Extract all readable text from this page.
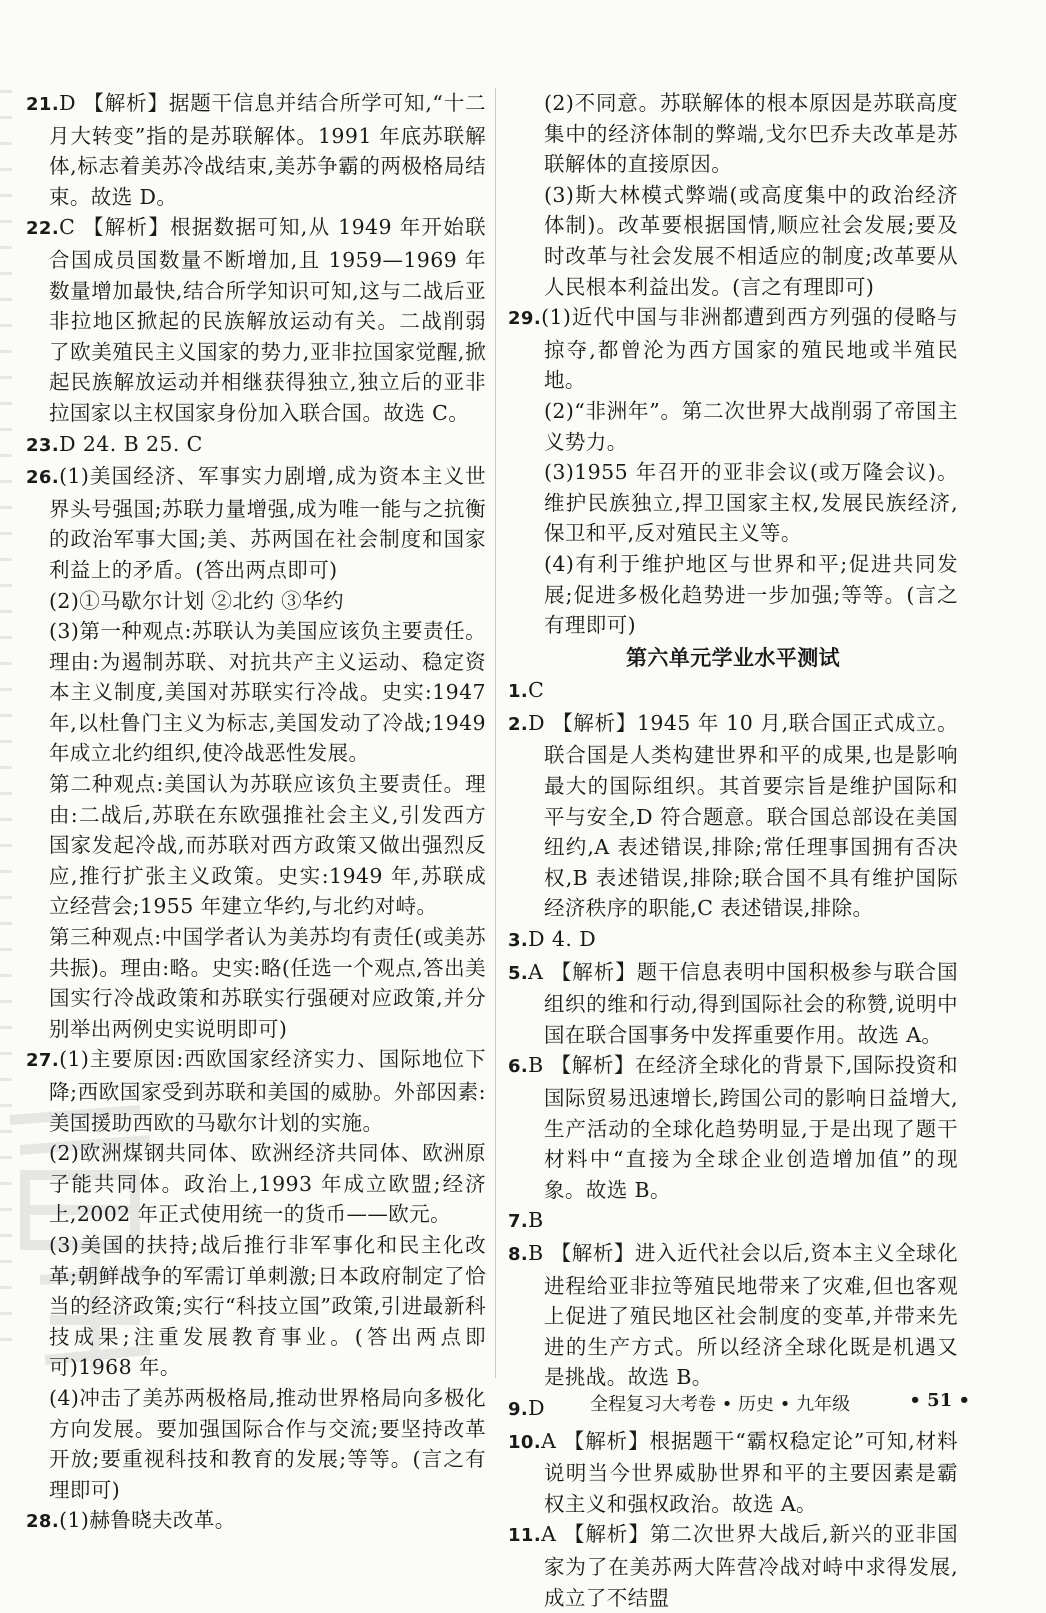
21.D 【解析】据题干信息并结合所学可知,“十二月大转变”指的是苏联解体。1991 年底苏联解体,标志着美苏冷战结束,美苏争霸的两极格局结束。故选 D。

22.C 【解析】根据数据可知,从 1949 年开始联合国成员国数量不断增加,且 1959—1969 年数量增加最快,结合所学知识可知,这与二战后亚非拉地区掀起的民族解放运动有关。二战削弱了欧美殖民主义国家的势力,亚非拉国家觉醒,掀起民族解放运动并相继获得独立,独立后的亚非拉国家以主权国家身份加入联合国。故选 C。

23.D 24. B 25. C

26.(1)美国经济、军事实力剧增,成为资本主义世界头号强国;苏联力量增强,成为唯一能与之抗衡的政治军事大国;美、苏两国在社会制度和国家利益上的矛盾。(答出两点即可)

(2)①马歇尔计划 ②北约 ③华约

(3)第一种观点:苏联认为美国应该负主要责任。理由:为遏制苏联、对抗共产主义运动、稳定资本主义制度,美国对苏联实行冷战。史实:1947 年,以杜鲁门主义为标志,美国发动了冷战;1949 年成立北约组织,使冷战恶性发展。

第二种观点:美国认为苏联应该负主要责任。理由:二战后,苏联在东欧强推社会主义,引发西方国家发起冷战,而苏联对西方政策又做出强烈反应,推行扩张主义政策。史实:1949 年,苏联成立经营会;1955 年建立华约,与北约对峙。

第三种观点:中国学者认为美苏均有责任(或美苏共振)。理由:略。史实:略(任选一个观点,答出美国实行冷战政策和苏联实行强硬对应政策,并分别举出两例史实说明即可)

27.(1)主要原因:西欧国家经济实力、国际地位下降;西欧国家受到苏联和美国的威胁。外部因素:美国援助西欧的马歇尔计划的实施。

(2)欧洲煤钢共同体、欧洲经济共同体、欧洲原子能共同体。政治上,1993 年成立欧盟;经济上,2002 年正式使用统一的货币——欧元。

(3)美国的扶持;战后推行非军事化和民主化改革;朝鲜战争的军需订单刺激;日本政府制定了恰当的经济政策;实行“科技立国”政策,引进最新科技成果;注重发展教育事业。(答出两点即可)1968 年。

(4)冲击了美苏两极格局,推动世界格局向多极化方向发展。要加强国际合作与交流;要坚持改革开放;要重视科技和教育的发展;等等。(言之有理即可)

28.(1)赫鲁晓夫改革。

(2)不同意。苏联解体的根本原因是苏联高度集中的经济体制的弊端,戈尔巴乔夫改革是苏联解体的直接原因。

(3)斯大林模式弊端(或高度集中的政治经济体制)。改革要根据国情,顺应社会发展;要及时改革与社会发展不相适应的制度;改革要从人民根本利益出发。(言之有理即可)

29.(1)近代中国与非洲都遭到西方列强的侵略与掠夺,都曾沦为西方国家的殖民地或半殖民地。

(2)“非洲年”。第二次世界大战削弱了帝国主义势力。

(3)1955 年召开的亚非会议(或万隆会议)。维护民族独立,捍卫国家主权,发展民族经济,保卫和平,反对殖民主义等。

(4)有利于维护地区与世界和平;促进共同发展;促进多极化趋势进一步加强;等等。(言之有理即可)

第六单元学业水平测试

1.C

2.D 【解析】1945 年 10 月,联合国正式成立。联合国是人类构建世界和平的成果,也是影响最大的国际组织。其首要宗旨是维护国际和平与安全,D 符合题意。联合国总部设在美国纽约,A 表述错误,排除;常任理事国拥有否决权,B 表述错误,排除;联合国不具有维护国际经济秩序的职能,C 表述错误,排除。

3.D 4. D

5.A 【解析】题干信息表明中国积极参与联合国组织的维和行动,得到国际社会的称赞,说明中国在联合国事务中发挥重要作用。故选 A。

6.B 【解析】在经济全球化的背景下,国际投资和国际贸易迅速增长,跨国公司的影响日益增大,生产活动的全球化趋势明显,于是出现了题干材料中“直接为全球企业创造增加值”的现象。故选 B。

7.B

8.B 【解析】进入近代社会以后,资本主义全球化进程给亚非拉等殖民地带来了灾难,但也客观上促进了殖民地区社会制度的变革,并带来先进的生产方式。所以经济全球化既是机遇又是挑战。故选 B。

9.D

10.A 【解析】根据题干“霸权稳定论”可知,材料说明当今世界威胁世界和平的主要因素是霸权主义和强权政治。故选 A。

11.A 【解析】第二次世界大战后,新兴的亚非国家为了在美苏两大阵营冷战对峙中求得发展,成立了不结盟

全程复习大考卷 • 历史 • 九年级	• 51 •
